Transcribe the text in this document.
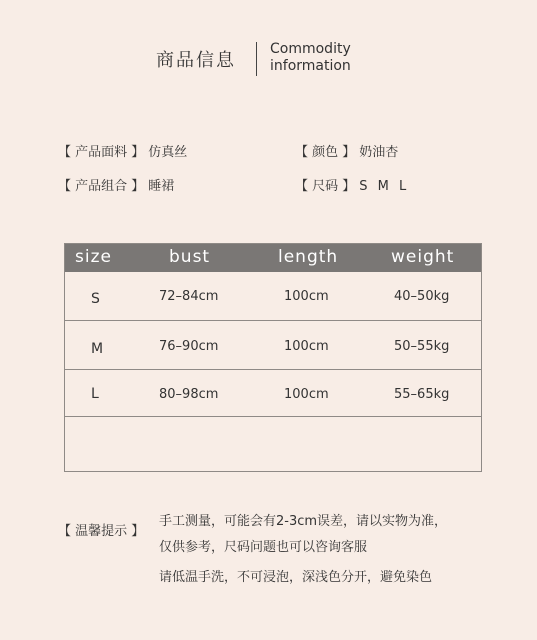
商品信息
Commodity
information
【 产品面料 】 仿真丝	【 颜色 】 奶油杏
【 产品组合 】 睡裙	【 尺码 】 S M L
size	bust	length	weight
S	72–84cm	100cm	40–50kg
M	76–90cm	100cm	50–55kg
L	80–98cm	100cm	55–65kg
【 温馨提示 】
手工测量，可能会有2-3cm误差，请以实物为准，
仅供参考，尺码问题也可以咨询客服
请低温手洗，不可浸泡，深浅色分开，避免染色
